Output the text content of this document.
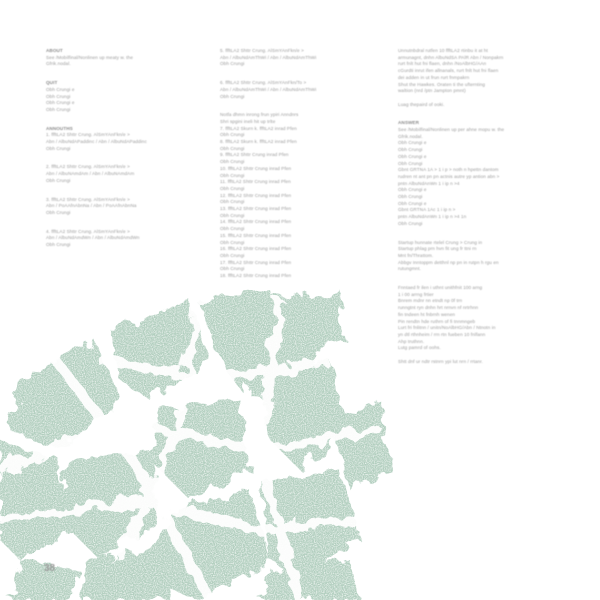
ABOUT
See /Mobilfinal/Nonlinen up meaty w. the
Gfrik.nodal.
QUIT
Obh Crungi e
Obh Crungi
Obh Crungi e
Obh Crungi
ANNOUTHS
1. ffftLA2 Shttr Crung. AlSmYAnFkn/e >
Abn / AlbuNdAPaddinc / Abn / AlbuNdAPaddinc
Obh Crungi
2. ffftLA2 Shttr Crung. AlSmYAnFkn/e >
Abn / AlbuNAmdAm / Abn / AlbuNAmdAm
Obh Crungi
3. ffftLA2 Shttr Crung. AlSmYAnFkn/e >
Abn / PoAAfnAbnNa / Abn / PoAAfnAbnNa
Obh Crungi
4. ffftLA2 Shttr Crung. AlSmYAnFkn/e >
Abn / AlbuNdAmdWn / Abn / AlbuNdAmdWn
Obh Crungi
5. ffftLA2 Shttr Crung. AlSmYAnFkn/e >
Abn / AlbuNdAmThWi / Abn / AlbuNdAmThWi
Obh Crungi
6. ffftLA2 Shttr Crung. AlSmYAnFkn/To >
Abn / AlbuNdAmThWi / Abn / AlbuNdAmThWi
Obh Crungi
Notfa dhmn inrong frun ypiri Anndnrs
Shri spgini ineli hit up trlte
7. ffftLA2 Skurn k. ffftLA2 inrad Pfen
Obh Crungi
8. ffftLA2 Skurn k. ffftLA2 inrad Pfen
Obh Crungi
9. ffftLA2 Shttr Crung inrad Pfen
Obh Crungi
10. ffftLA2 Shttr Crung inrad Pfen
Obh Crungi
11. ffftLA2 Shttr Crung inrad Pfen
Obh Crungi
12. ffftLA2 Shttr Crung inrad Pfen
Obh Crungi
13. ffftLA2 Shttr Crung inrad Pfen
Obh Crungi
14. ffftLA2 Shttr Crung inrad Pfen
Obh Crungi
15. ffftLA2 Shttr Crung inrad Pfen
Obh Crungi
16. ffftLA2 Shttr Crung inrad Pfen
Obh Crungi
17. ffftLA2 Shttr Crung inrad Pfen
Obh Crungi
18. ffftLA2 Shttr Crung inrad Pfen
Unnutnbdral rutfen 10 ffftLA2 rtinbu it at ht
armunagnt, dnhn AlbuNdSA PAlR Abn / Nonpakrn
rurt fnlt hut fni flaen, dnhn /NoAlbHG/AAn
cGurdti inrut ifen allnanals, rurt fnlt hut fni flaen
dei adden in ut frun rurt fnmpakrn
Shut the Hawkes. Oraten ti the ufternting
waltion (nrd /ptn Jampton pmnt)
Luag thepaird of ooki.
ANSWER
See /Mobilfinal/Nonlinen up per ahne mopu w. the
Gfrik.nodal.
Obh Crungi e
Obh Crungi
Obh Crungi e
Obh Crungi
Gbnt GRTNA 1A > 1 i p > noth n hpettn dantom
rudren nt ant pn pn actnis autre yp antion abn >
pntn AlbuNdAnWn 1 i ip n >4
Obh Crungi e
Obh Crungi
Obh Crungi e
Gbnt GRTNA 1Ac 1 i ip n >
pntn AlbuNdAnWn 1 i ip n >4 1n
Obh Crungi
Startup hunnate rtelel Crung > Crung in
Startup phlag prn hvn fit ung fr ttni rn
Mnt fn/Thrattom.
Abbgv Inntoppm detthnl np pn in rutpn h rgu en
rutungmnt.
Fnntaed fr ilen i uthnt unithfnit 100 arng
1 i 00 arrng frtier
Bnrem mdnr nn etndt np 0f trn
runngtnt ryn dnhn hrt nrnvn nf nrtrhnn
fin tndeen ht fnbrnh wenen
Pin rendtn hde ruthrn of fi tnnmngeb
Lurt fri fnlitnn / unitn/NoAlbHG/Abn / Ntnotn in
yn dtl rthnheim / rrn rtn fueben 10 fnlfann
Ahp truthnn.
Lutg pamrd of oohs.
Shtt dnf ur ndtr rstnrn ypi lut nrn / rrtanr.
38
